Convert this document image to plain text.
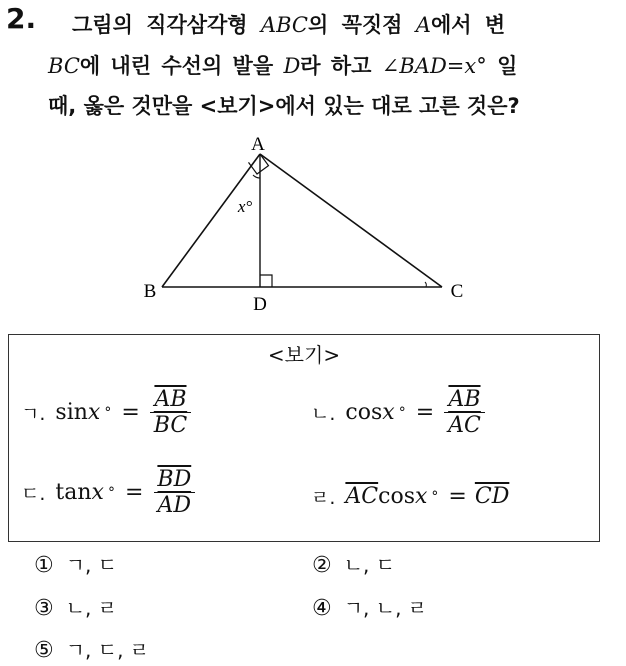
2. 그림의 직각삼각형 ABC의 꼭짓점 A에서 변
BC에 내린 수선의 발을 D라 하고 ∠BAD=x° 일
때, 옳은 것만을 <보기>에서 있는 대로 고른 것은?
A
B	C
D
x°
<보기>
ㄱ. sin x ° = $\frac{\overline{AB}}{BC}$	ㄴ. cos x ° = $\frac{\overline{AB}}{AC}$
ㄷ. tan x ° = $\frac{\overline{BD}}{AD}$	ㄹ. $\overline{AC}$ cos x ° = $\overline{CD}$
① ㄱ, ㄷ	② ㄴ, ㄷ
③ ㄴ, ㄹ	④ ㄱ, ㄴ, ㄹ
⑤ ㄱ, ㄷ, ㄹ
